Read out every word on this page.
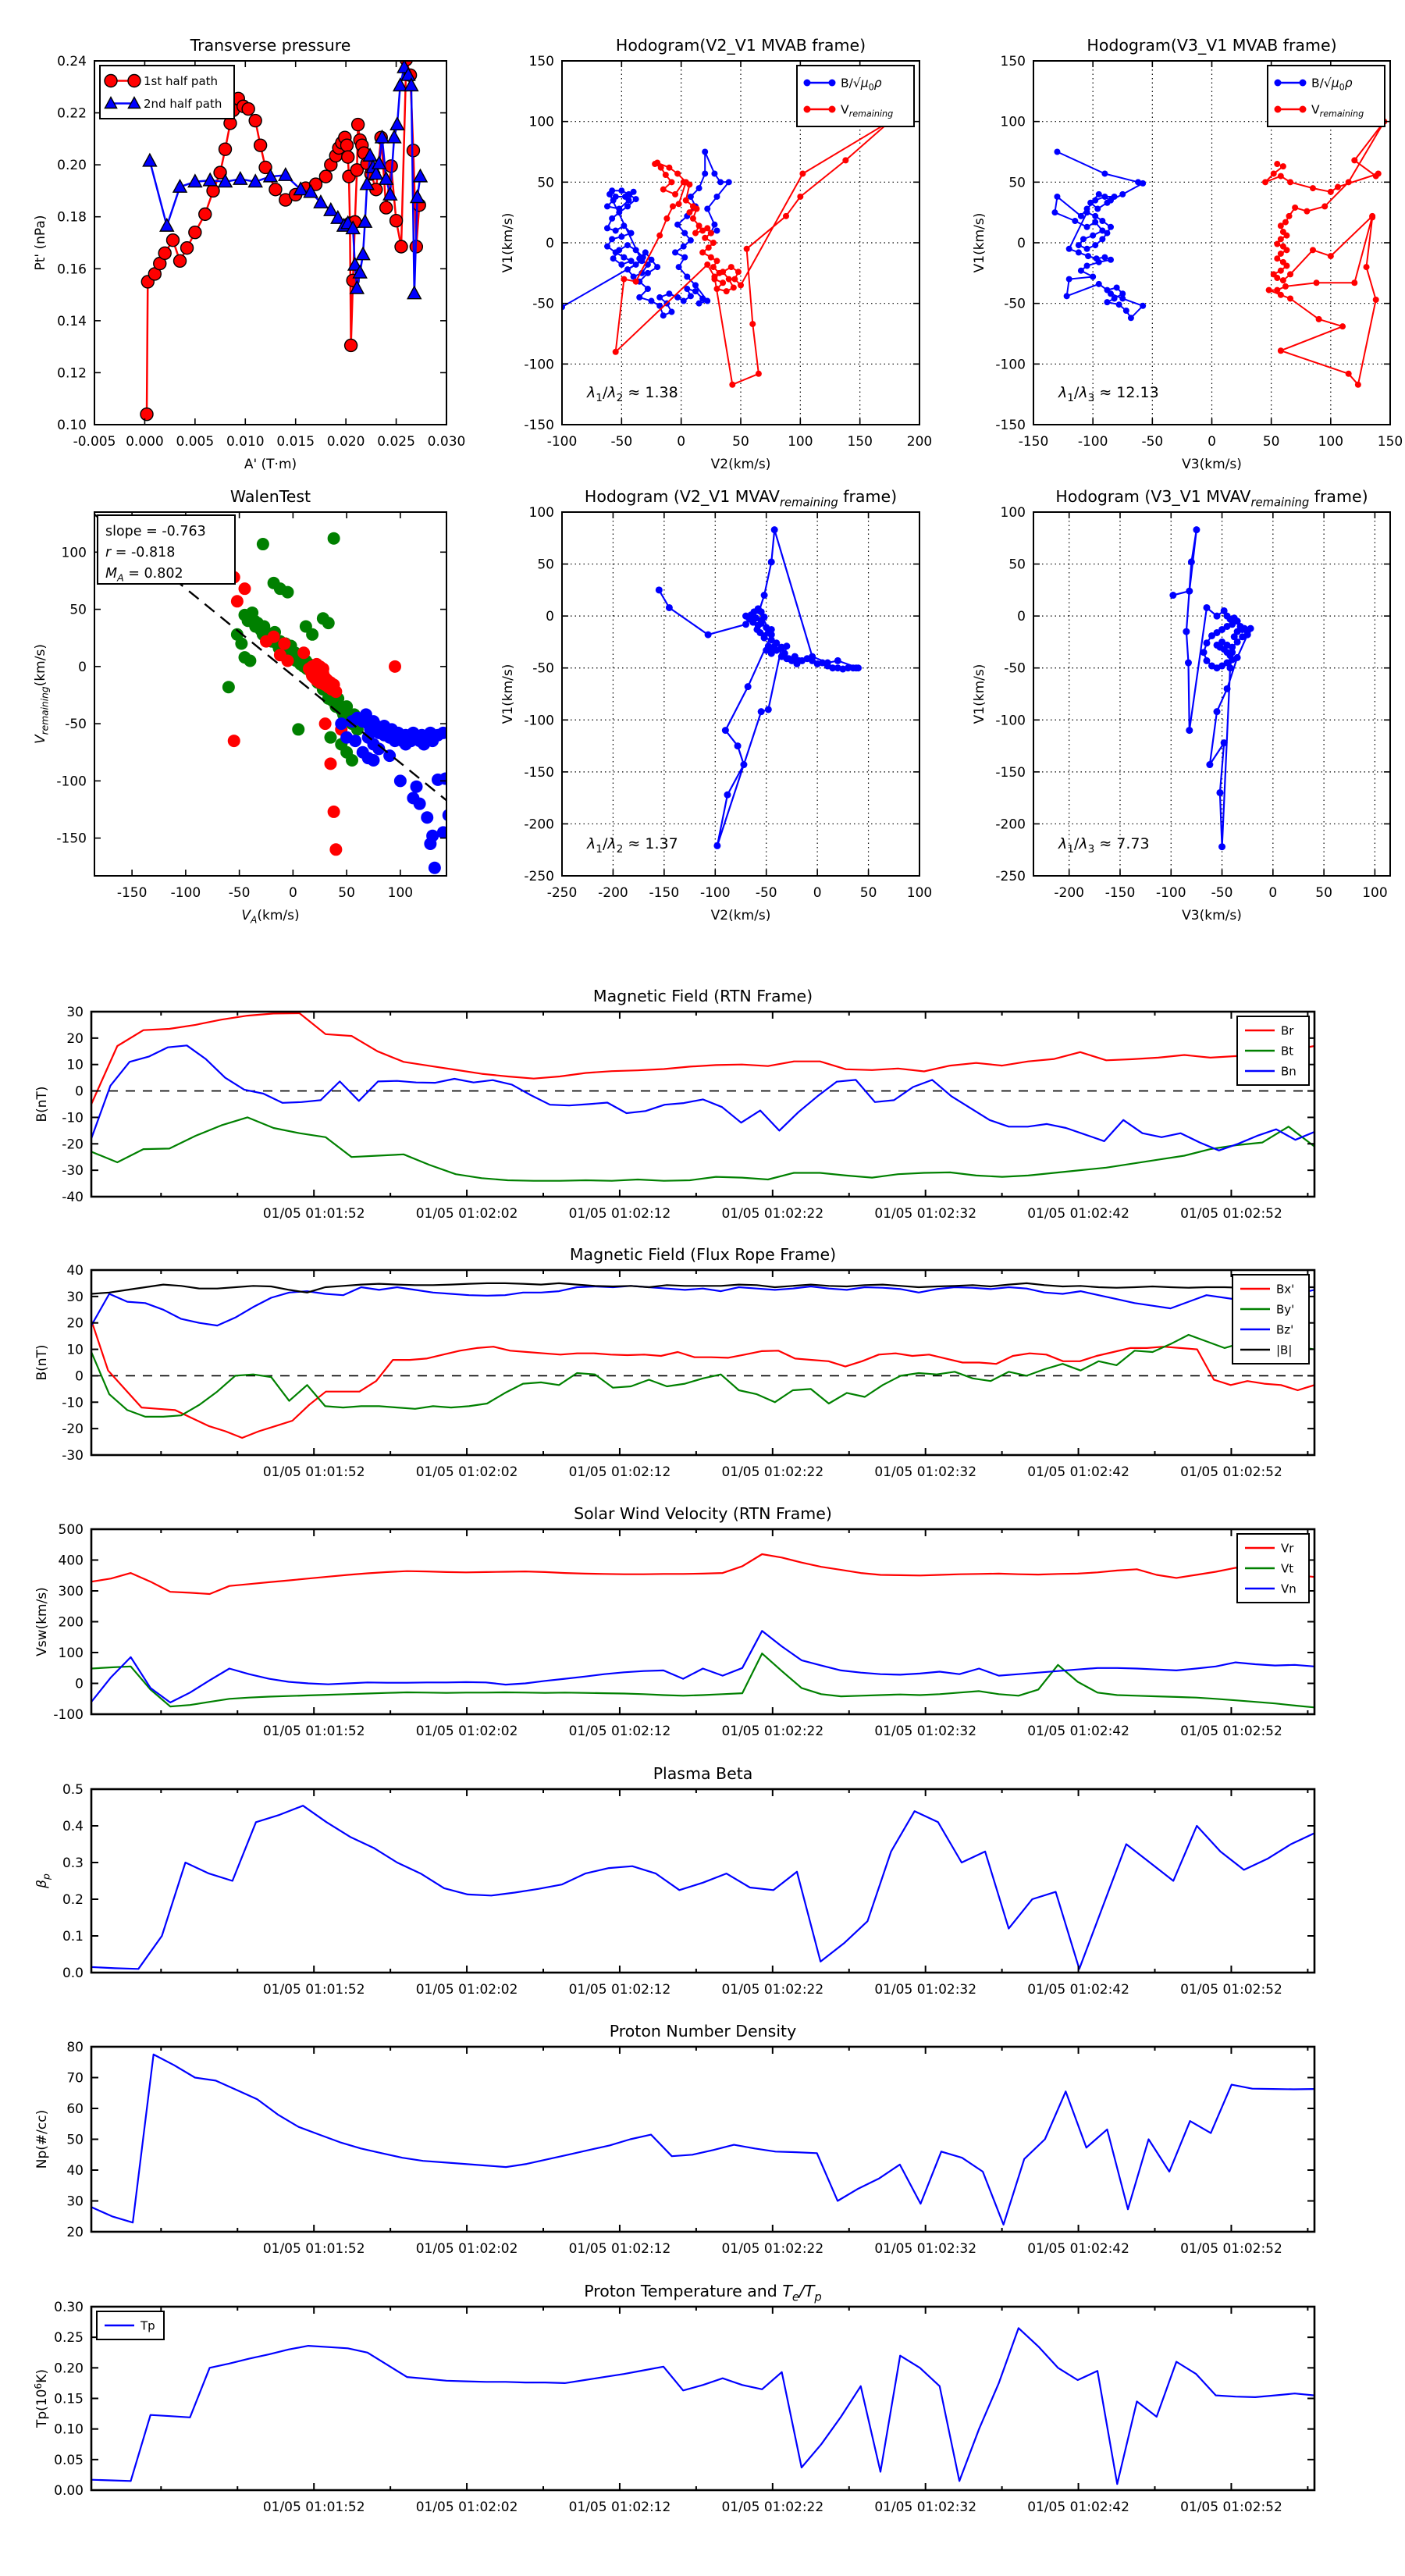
-0.005 0.000 0.005 0.010 0.015 0.020 0.025 0.030
0.10
0.12
0.14
0.16
0.18
0.20
0.22
0.24
Transverse pressure
A' (T·m)
Pt' (nPa)
1st half path
2nd half path
-100	-50	0	50	100	150	200
-150
-100
-50
0
50
100
150
Hodogram(V2_V1 MVAB frame)
V2(km/s)
V1(km/s)
$\lambda_1/\lambda_2 \approx 1.38$
$B/√\mu_0\rho$
$V_{remaining}$
-150 -100	-50	0	50	100	150
-150
-100
-50
0
50
100
150
Hodogram(V3_V1 MVAB frame)
V3(km/s)
V1(km/s)
$\lambda_1/\lambda_3 \approx 12.13$
$B/√\mu_0\rho$
$V_{remaining}$
-150 -100 -50	0	50 100
-150
-100
-50
0
50
100
WalenTest
$V_A(km/s)$
$V_{remaining}(km/s)$
slope = -0.763
r = -0.818
$M_A = 0.802$
-250 -200 -150 -100 -50	0	50 100
-250
-200
-150
-100
-50
0
50
100
Hodogram (V2_V1 $MVAV_{remaining}$ frame)
V2(km/s)
V1(km/s)
$\lambda_1/\lambda_2 \approx 1.37$
-200 -150 -100 -50	0	50 100
-250
-200
-150
-100
-50
0
50
100
Hodogram (V3_V1 $MVAV_{remaining}$ frame)
V3(km/s)
V1(km/s)
$\lambda_1/\lambda_3 \approx 7.73$
01/05 01:01:52	01/05 01:02:02	01/05 01:02:12	01/05 01:02:22	01/05 01:02:32	01/05 01:02:42	01/05 01:02:52
-40
-30
-20
-10
0
10
20
30
Magnetic Field (RTN Frame)
B(nT)
Br
Bt
Bn
01/05 01:01:52	01/05 01:02:02	01/05 01:02:12	01/05 01:02:22	01/05 01:02:32	01/05 01:02:42	01/05 01:02:52
-30
-20
-10
0
10
20
30
40
Magnetic Field (Flux Rope Frame)
B(nT)
Bx'
By'
Bz'
|B|
01/05 01:01:52	01/05 01:02:02	01/05 01:02:12	01/05 01:02:22	01/05 01:02:32	01/05 01:02:42	01/05 01:02:52
-100
0
100
200
300
400
500
Solar Wind Velocity (RTN Frame)
Vsw(km/s)
Vr
Vt
Vn
01/05 01:01:52	01/05 01:02:02	01/05 01:02:12	01/05 01:02:22	01/05 01:02:32	01/05 01:02:42	01/05 01:02:52
0.0
0.1
0.2
0.3
0.4
0.5
Plasma Beta
$\beta_p$
01/05 01:01:52	01/05 01:02:02	01/05 01:02:12	01/05 01:02:22	01/05 01:02:32	01/05 01:02:42	01/05 01:02:52
20
30
40
50
60
70
80
Proton Number Density
Np(#/cc)
01/05 01:01:52	01/05 01:02:02	01/05 01:02:12	01/05 01:02:22	01/05 01:02:32	01/05 01:02:42	01/05 01:02:52
0.00
0.05
0.10
0.15
0.20
0.25
0.30
Proton Temperature and $T_e/T_p$
$Tp(10^6K)$
Tp
